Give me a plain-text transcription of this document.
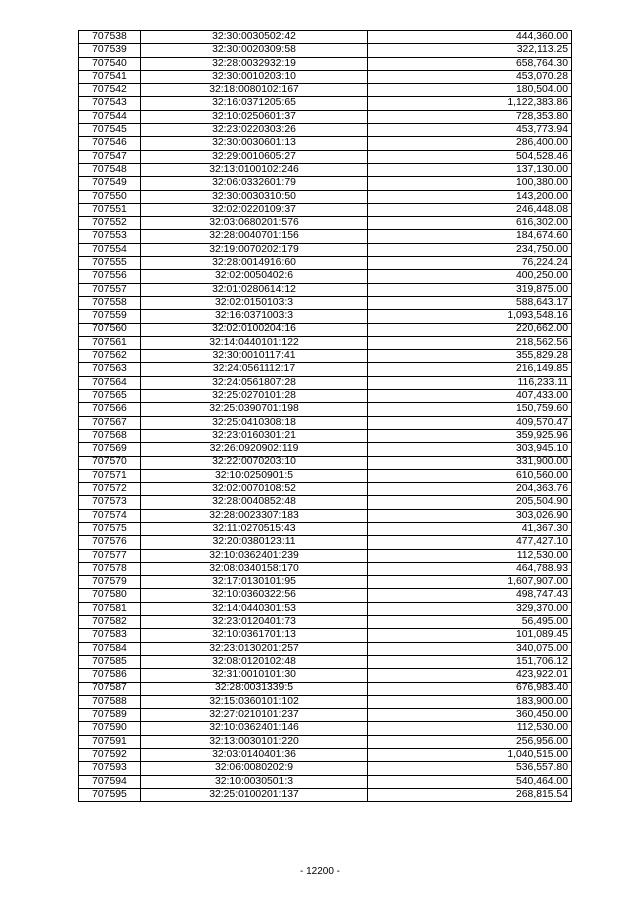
707538	32:30:0030502:42	444,360.00
707539	32:30:0020309:58	322,113.25
707540	32:28:0032932:19	658,764.30
707541	32:30:0010203:10	453,070.28
707542	32:18:0080102:167	180,504.00
707543	32:16:0371205:65	1,122,383.86
707544	32:10:0250601:37	728,353.80
707545	32:23:0220303:26	453,773.94
707546	32:30:0030601:13	286,400.00
707547	32:29:0010605:27	504,528.46
707548	32:13:0100102:246	137,130.00
707549	32:06:0332601:79	100,380.00
707550	32:30:0030310:50	143,200.00
707551	32:02:0220109:37	246,448.08
707552	32:03:0680201:576	616,302.00
707553	32:28:0040701:156	184,674.60
707554	32:19:0070202:179	234,750.00
707555	32:28:0014916:60	76,224.24
707556	32:02:0050402:6	400,250.00
707557	32:01:0280614:12	319,875.00
707558	32:02:0150103:3	588,643.17
707559	32:16:0371003:3	1,093,548.16
707560	32:02:0100204:16	220,662.00
707561	32:14:0440101:122	218,562.56
707562	32:30:0010117:41	355,829.28
707563	32:24:0561112:17	216,149.85
707564	32:24:0561807:28	116,233.11
707565	32:25:0270101:28	407,433.00
707566	32:25:0390701:198	150,759.60
707567	32:25:0410308:18	409,570.47
707568	32:23:0160301:21	359,925.96
707569	32:26:0920902:119	303,945.10
707570	32:22:0070203:10	331,900.00
707571	32:10:0250901:5	610,560.00
707572	32:02:0070108:52	204,363.76
707573	32:28:0040852:48	205,504.90
707574	32:28:0023307:183	303,026.90
707575	32:11:0270515:43	41,367.30
707576	32:20:0380123:11	477,427.10
707577	32:10:0362401:239	112,530.00
707578	32:08:0340158:170	464,788.93
707579	32:17:0130101:95	1,607,907.00
707580	32:10:0360322:56	498,747.43
707581	32:14:0440301:53	329,370.00
707582	32:23:0120401:73	56,495.00
707583	32:10:0361701:13	101,089.45
707584	32:23:0130201:257	340,075.00
707585	32:08:0120102:48	151,706.12
707586	32:31:0010101:30	423,922.01
707587	32:28:0031339:5	676,983.40
707588	32:15:0360101:102	183,900.00
707589	32:27:0210101:237	360,450.00
707590	32:10:0362401:146	112,530.00
707591	32:13:0030101:220	256,956.00
707592	32:03:0140401:36	1,040,515.00
707593	32:06:0080202:9	536,557.80
707594	32:10:0030501:3	540,464.00
707595	32:25:0100201:137	268,815.54
- 12200 -
